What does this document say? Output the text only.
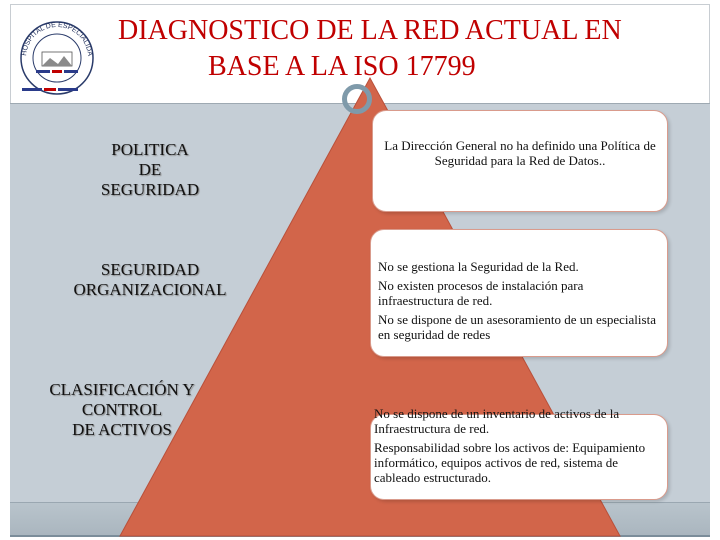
HOSPITAL DE ESPECIALIDA
DIAGNOSTICO DE LA RED ACTUAL EN
BASE A LA ISO 17799
POLITICA
DE
SEGURIDAD
SEGURIDAD
ORGANIZACIONAL
CLASIFICACIÓN Y
CONTROL
DE ACTIVOS

La Dirección General no ha definido una Política de Seguridad para la Red de Datos..

No se gestiona la Seguridad de la Red.

No existen procesos de instalación para infraestructura de red.

No se dispone de un asesoramiento de un especialista en seguridad de redes

No se dispone de un inventario de activos de la Infraestructura de red.

Responsabilidad sobre los activos de: Equipamiento informático, equipos activos de red, sistema de cableado estructurado.
